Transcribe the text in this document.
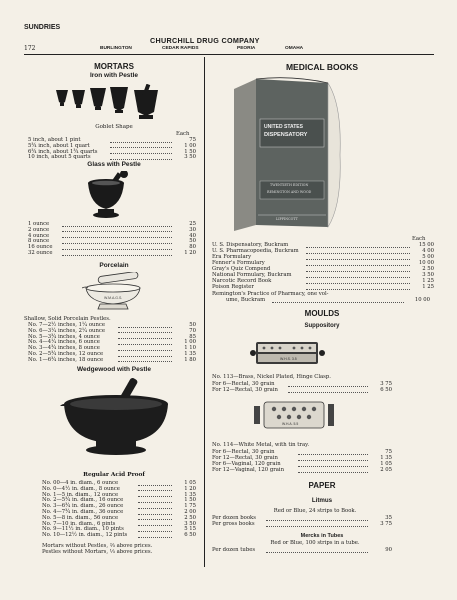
SUNDRIES
172
CHURCHILL DRUG COMPANY
BURLINGTON	CEDAR RAPIDS	PEORIA	OMAHA
MORTARS
Iron with Pestle
Goblet Shape
Each
5 inch, about 1 pint	75
5¾ inch, about 1 quart	1 00
6¾ inch, about 1¾ quarts	1 50
10 inch, about 5 quarts	3 50
Glass with Pestle
1 ounce	25
2 ounce	30
4 ounce	40
8 ounce	50
16 ounce	80
32 ounce	1 20
Porcelain
W.M.A.G.S.
Shallow, Solid Porcelain Pestles.
No. 7—2½ inches, 1¼ ounce	50
No. 6—3¼ inches, 2¼ ounce	70
No. 5—3¾ inches, 4 ounce	85
No. 4—4¼ inches, 6 ounce	1 00
No. 3—4¾ inches, 8 ounce	1 10
No. 2—5¾ inches, 12 ounce	1 35
No. 1—6¾ inches, 18 ounce	1 80
Wedgewood with Pestle
Regular Acid Proof
No. 00—4 in. diam., 6 ounce	1 05
No. 0—4½ in. diam., 8 ounce	1 20
No. 1—5 in. diam., 12 ounce	1 35
No. 2—5¾ in. diam., 16 ounce	1 50
No. 3—6¾ in. diam., 26 ounce	1 75
No. 4—7¾ in. diam., 36 ounce	2 00
No. 5—8 in. diam., 56 ounce	2 50
No. 7—10 in. diam., 6 pints	3 50
No. 9—11½ in. diam., 10 pints	5 15
No. 10—12½ in. diam., 12 pints	6 50
Mortars without Pestles, ⅔ above prices.
Pestles without Mortars, ⅓ above prices.
MEDICAL BOOKS
UNITED STATES
DISPENSATORY
TWENTIETH EDITION
REMINGTON AND WOOD
LIPPINCOTT
Each
U. S. Dispensatory, Buckram	15 00
U. S. Pharmacopoedia, Buckram	4 00
Era Formulary	5 00
Fenner's Formulary	10 00
Gray's Quiz Compend	2 50
National Formulary, Buckram	3 50
Narcotic Record Book	1 25
Poison Register	1 25
Remington's Practice of Pharmacy, one vol-
ume, Buckram	10 00
MOULDS
Suppository
W.H.S. 3.5
No. 113—Brass, Nickel Plated, Hinge Clasp.
For 6—Rectal, 30 grain	3 75
For 12—Rectal, 30 grain	6 50
W.H.A. 5.5
No. 114—White Metal, with tin tray.
For 6—Rectal, 30 grain	75
For 12—Rectal, 30 grain	1 35
For 6—Vaginal, 120 grain	1 05
For 12—Vaginal, 120 grain	2 05
PAPER
Litmus
Red or Blue, 24 strips to Book.
Per dozen books	35
Per gross books	3 75
Mercks in Tubes
Red or Blue, 100 strips in a tube.
Per dozen tubes	90
